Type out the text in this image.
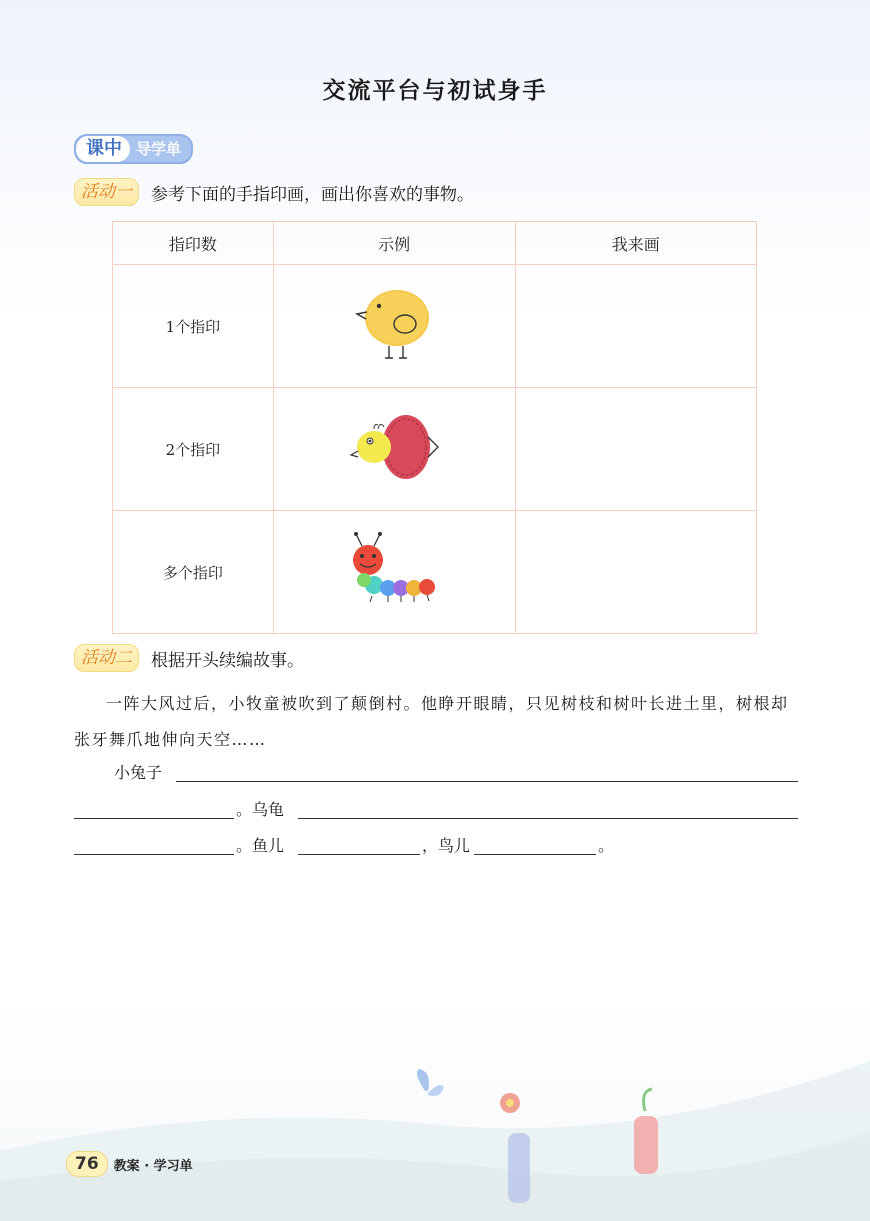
交流平台与初试身手
课中 导学单
活动一	参考下面的手指印画，画出你喜欢的事物。
指印数	示例	我来画
1个指印		
2个指印		
多个指印		
活动二	根据开头续编故事。
一阵大风过后，小牧童被吹到了颠倒村。他睁开眼睛，只见树枝和树叶长进土里，树根却张牙舞爪地伸向天空……
小兔子
。乌龟
。鱼儿	，鸟儿	。
76	教案 · 学习单
